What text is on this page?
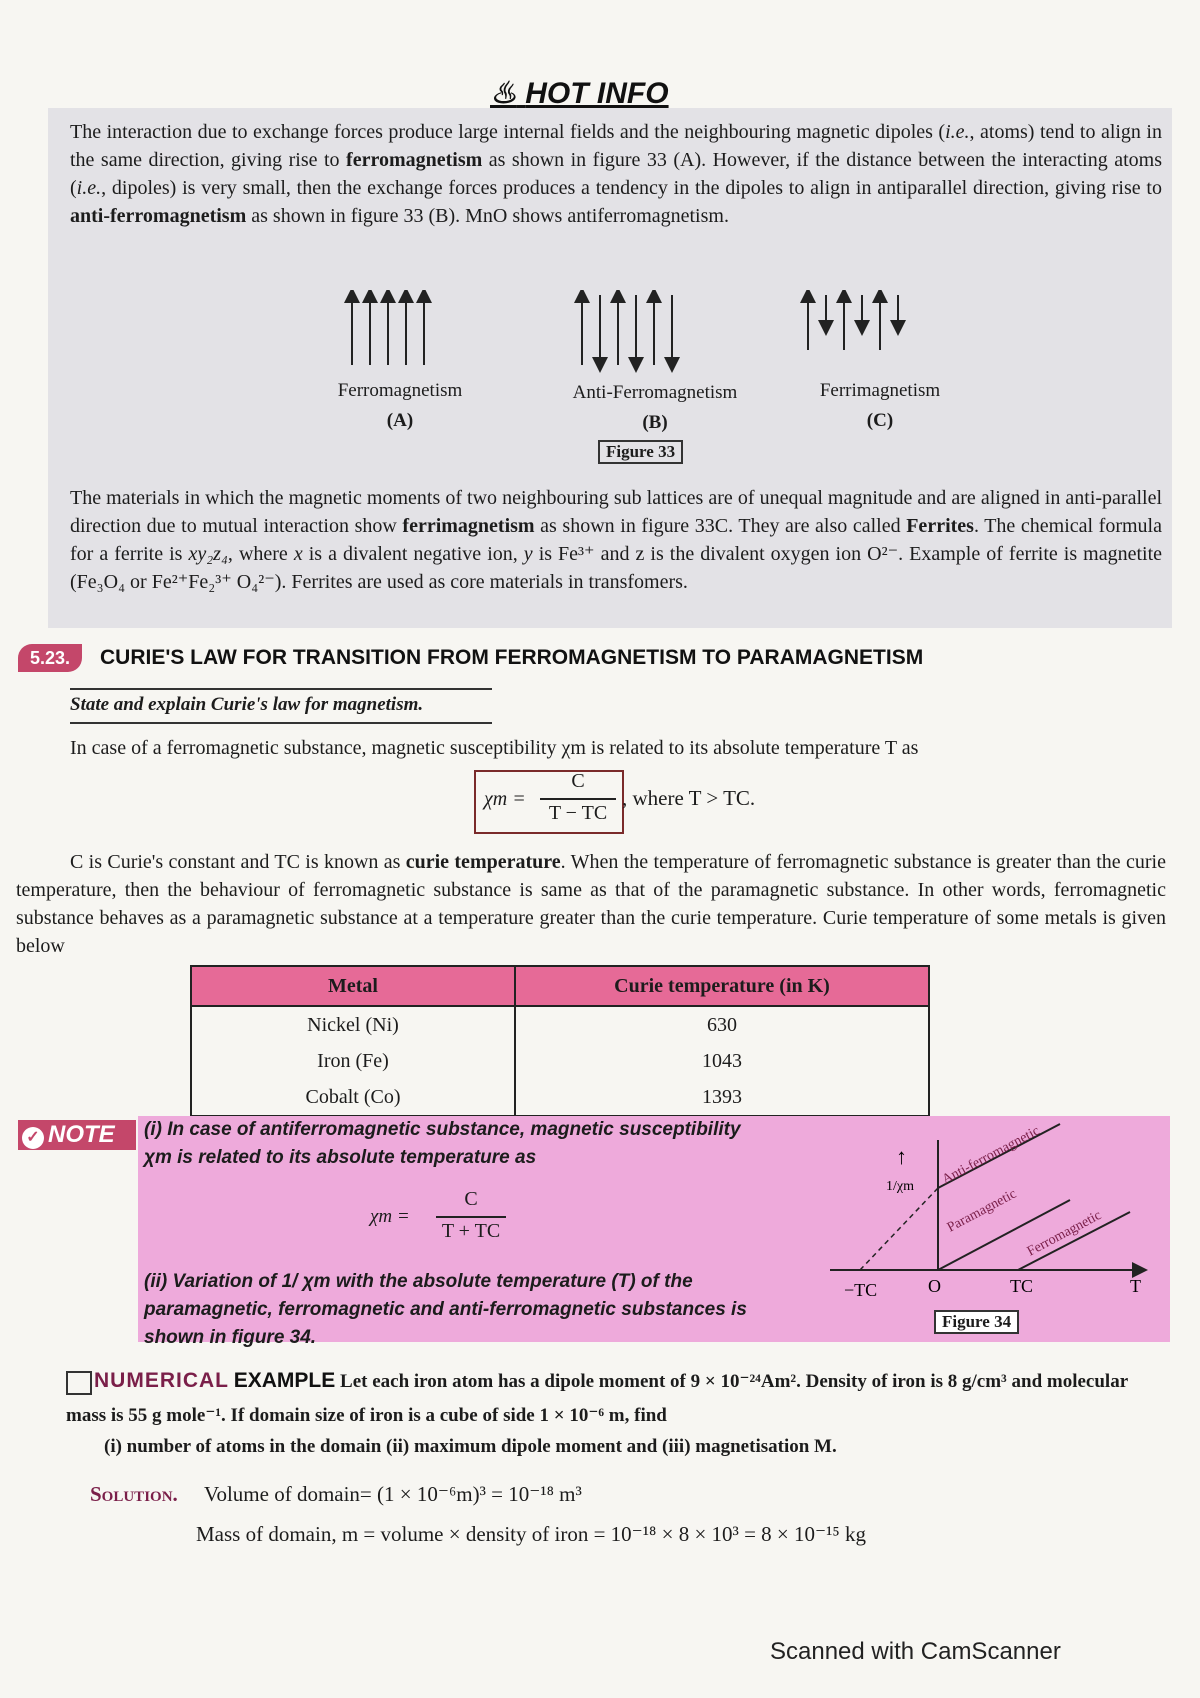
♨ HOT INFO
The interaction due to exchange forces produce large internal fields and the neighbouring magnetic dipoles (i.e., atoms) tend to align in the same direction, giving rise to ferromagnetism as shown in figure 33 (A). However, if the distance between the interacting atoms (i.e., dipoles) is very small, then the exchange forces produces a tendency in the dipoles to align in antiparallel direction, giving rise to anti-ferromagnetism as shown in figure 33 (B). MnO shows antiferromagnetism.
Ferromagnetism
(A)
Anti-Ferromagnetism
(B)
Ferrimagnetism
(C)
Figure 33
The materials in which the magnetic moments of two neighbouring sub lattices are of unequal magnitude and are aligned in anti-parallel direction due to mutual interaction show ferrimagnetism as shown in figure 33C. They are also called Ferrites. The chemical formula for a ferrite is xy₂z₄, where x is a divalent negative ion, y is Fe³⁺ and z is the divalent oxygen ion O²⁻. Example of ferrite is magnetite (Fe₃O₄ or Fe²⁺Fe₂³⁺ O₄²⁻). Ferrites are used as core materials in transfomers.
5.23.	CURIE'S LAW FOR TRANSITION FROM FERROMAGNETISM TO PARAMAGNETISM
State and explain Curie's law for magnetism.
In case of a ferromagnetic substance, magnetic susceptibility χm is related to its absolute temperature T as
χm =
C
T − TC
, where T > TC.
C is Curie's constant and TC is known as curie temperature. When the temperature of ferromagnetic substance is greater than the curie temperature, then the behaviour of ferromagnetic substance is same as that of the paramagnetic substance. In other words, ferromagnetic substance behaves as a paramagnetic substance at a temperature greater than the curie temperature. Curie temperature of some metals is given below
Metal	Curie temperature (in K)
Nickel (Ni)	630
Iron (Fe)	1043
Cobalt (Co)	1393
✓ NOTE	(i) In case of antiferromagnetic substance, magnetic susceptibility
χm is related to its absolute temperature as
χm =
C
T + TC
(ii) Variation of 1/ χm with the absolute temperature (T) of the paramagnetic, ferromagnetic and anti-ferromagnetic substances is shown in figure 34.
↑
1/χm
−TC	O	TC	T
Anti-ferromagnetic
Paramagnetic Ferromagnetic
Figure 34
NUMERICAL EXAMPLE Let each iron atom has a dipole moment of 9 × 10⁻²⁴Am². Density of iron is 8 g/cm³ and molecular mass is 55 g mole⁻¹. If domain size of iron is a cube of side 1 × 10⁻⁶ m, find
(i) number of atoms in the domain (ii) maximum dipole moment and (iii) magnetisation M.
Solution. Volume of domain= (1 × 10⁻⁶m)³ = 10⁻¹⁸ m³
Mass of domain, m = volume × density of iron = 10⁻¹⁸ × 8 × 10³ = 8 × 10⁻¹⁵ kg
Scanned with CamScanner
